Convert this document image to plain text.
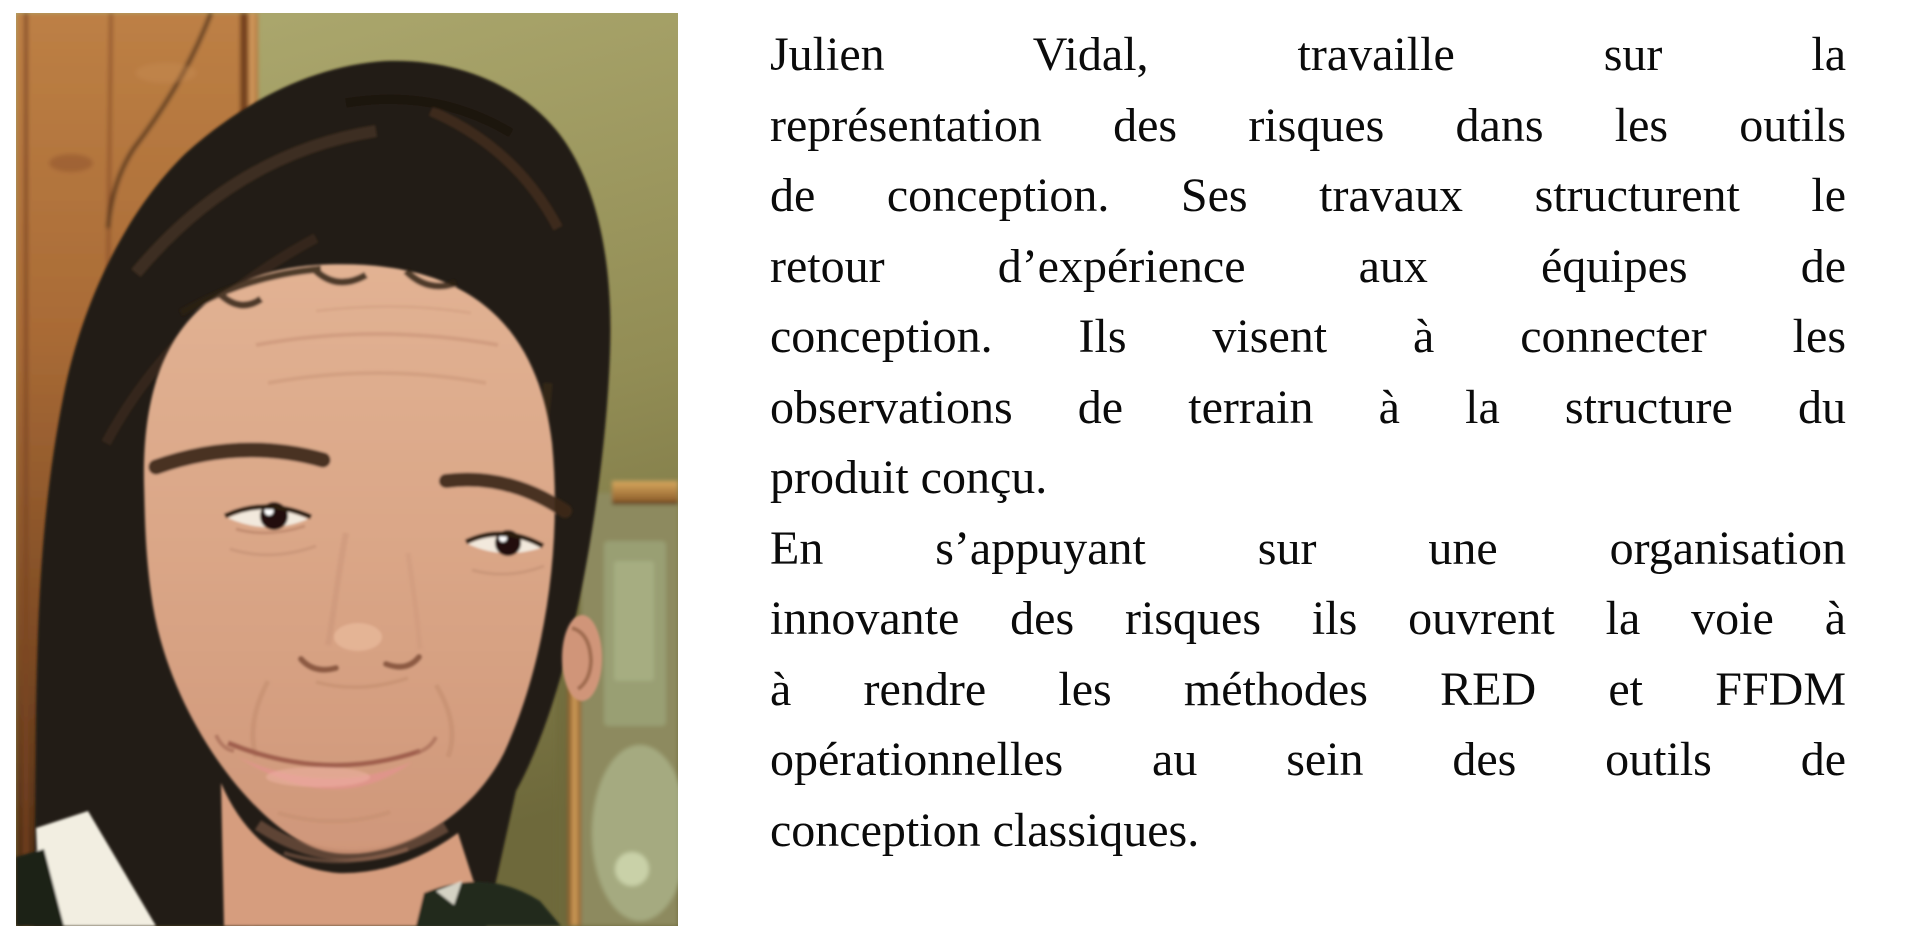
Julien Vidal, travaille sur la
représentation des risques dans les outils
de conception. Ses travaux structurent le
retour d’expérience aux équipes de
conception. Ils visent à connecter les
observations de terrain à la structure du
produit conçu.
En s’appuyant sur une organisation
innovante des risques ils ouvrent la voie à
à rendre les méthodes RED et FFDM
opérationnelles au sein des outils de
conception classiques.
